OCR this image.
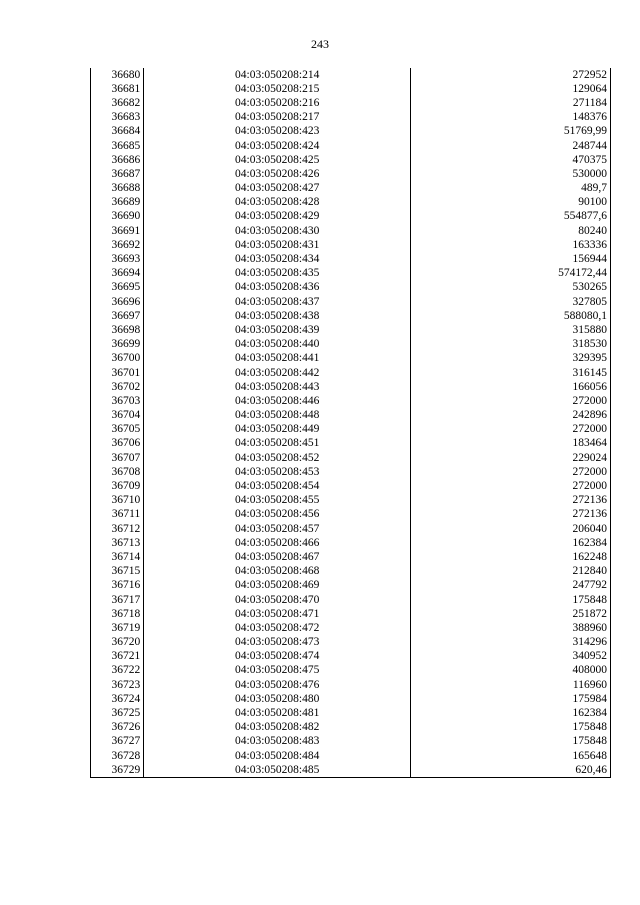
243
36680	04:03:050208:214	272952
36681	04:03:050208:215	129064
36682	04:03:050208:216	271184
36683	04:03:050208:217	148376
36684	04:03:050208:423	51769,99
36685	04:03:050208:424	248744
36686	04:03:050208:425	470375
36687	04:03:050208:426	530000
36688	04:03:050208:427	489,7
36689	04:03:050208:428	90100
36690	04:03:050208:429	554877,6
36691	04:03:050208:430	80240
36692	04:03:050208:431	163336
36693	04:03:050208:434	156944
36694	04:03:050208:435	574172,44
36695	04:03:050208:436	530265
36696	04:03:050208:437	327805
36697	04:03:050208:438	588080,1
36698	04:03:050208:439	315880
36699	04:03:050208:440	318530
36700	04:03:050208:441	329395
36701	04:03:050208:442	316145
36702	04:03:050208:443	166056
36703	04:03:050208:446	272000
36704	04:03:050208:448	242896
36705	04:03:050208:449	272000
36706	04:03:050208:451	183464
36707	04:03:050208:452	229024
36708	04:03:050208:453	272000
36709	04:03:050208:454	272000
36710	04:03:050208:455	272136
36711	04:03:050208:456	272136
36712	04:03:050208:457	206040
36713	04:03:050208:466	162384
36714	04:03:050208:467	162248
36715	04:03:050208:468	212840
36716	04:03:050208:469	247792
36717	04:03:050208:470	175848
36718	04:03:050208:471	251872
36719	04:03:050208:472	388960
36720	04:03:050208:473	314296
36721	04:03:050208:474	340952
36722	04:03:050208:475	408000
36723	04:03:050208:476	116960
36724	04:03:050208:480	175984
36725	04:03:050208:481	162384
36726	04:03:050208:482	175848
36727	04:03:050208:483	175848
36728	04:03:050208:484	165648
36729	04:03:050208:485	620,46
